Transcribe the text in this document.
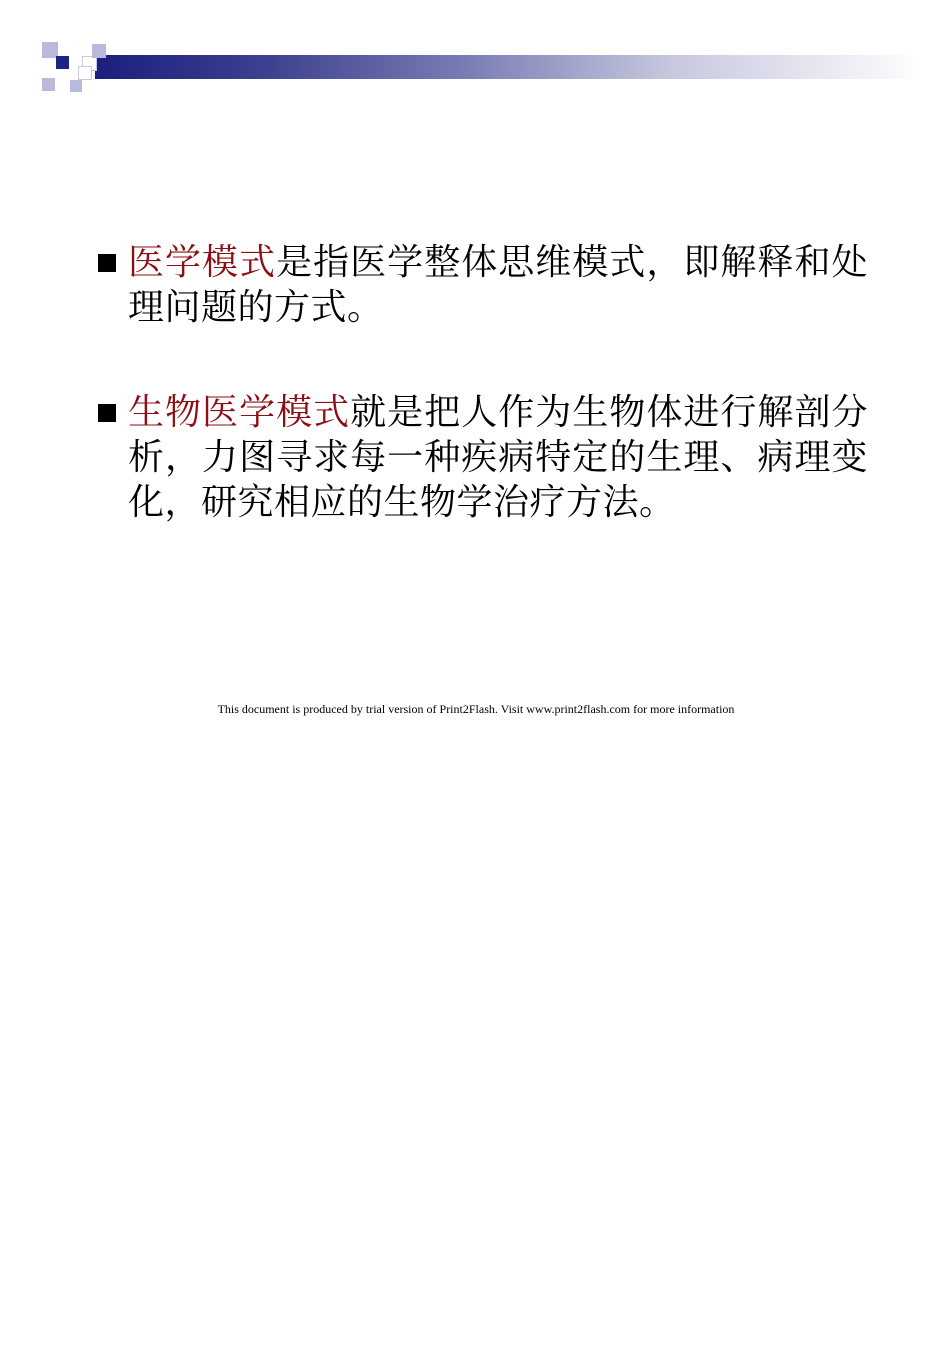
医学模式是指医学整体思维模式，即解释和处理问题的方式。
生物医学模式就是把人作为生物体进行解剖分析，力图寻求每一种疾病特定的生理、病理变化，研究相应的生物学治疗方法。
This document is produced by trial version of Print2Flash. Visit www.print2flash.com for more information
